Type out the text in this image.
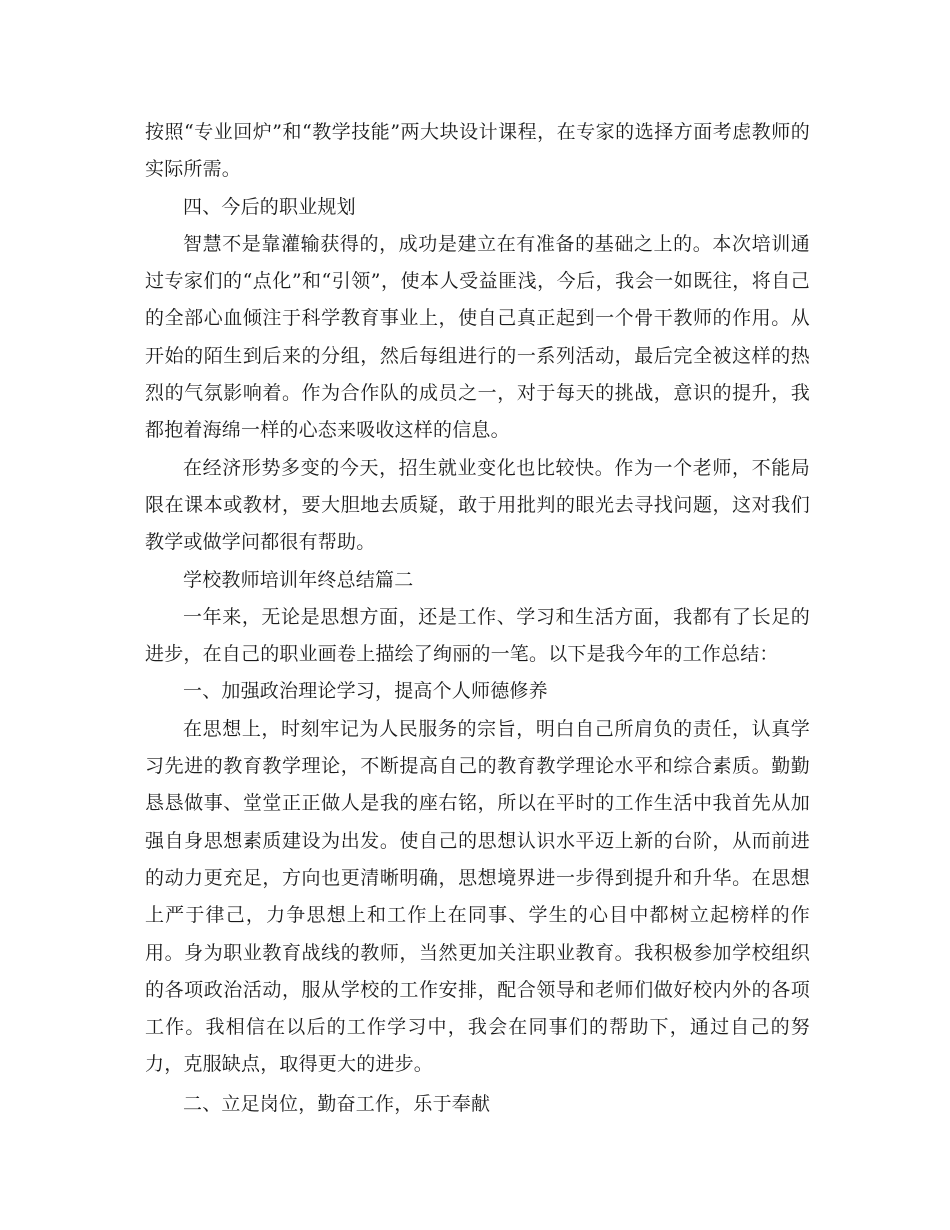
按照“专业回炉”和“教学技能”两大块设计课程，在专家的选择方面考虑教师的实际所需。

四、今后的职业规划

智慧不是靠灌输获得的，成功是建立在有准备的基础之上的。本次培训通过专家们的“点化”和“引领”，使本人受益匪浅，今后，我会一如既往，将自己的全部心血倾注于科学教育事业上，使自己真正起到一个骨干教师的作用。从开始的陌生到后来的分组，然后每组进行的一系列活动，最后完全被这样的热烈的气氛影响着。作为合作队的成员之一，对于每天的挑战，意识的提升，我都抱着海绵一样的心态来吸收这样的信息。

在经济形势多变的今天，招生就业变化也比较快。作为一个老师，不能局限在课本或教材，要大胆地去质疑，敢于用批判的眼光去寻找问题，这对我们教学或做学问都很有帮助。

学校教师培训年终总结篇二

一年来，无论是思想方面，还是工作、学习和生活方面，我都有了长足的进步，在自己的职业画卷上描绘了绚丽的一笔。以下是我今年的工作总结：

一、加强政治理论学习，提高个人师德修养

在思想上，时刻牢记为人民服务的宗旨，明白自己所肩负的责任，认真学习先进的教育教学理论，不断提高自己的教育教学理论水平和综合素质。勤勤恳恳做事、堂堂正正做人是我的座右铭，所以在平时的工作生活中我首先从加强自身思想素质建设为出发。使自己的思想认识水平迈上新的台阶，从而前进的动力更充足，方向也更清晰明确，思想境界进一步得到提升和升华。在思想上严于律己，力争思想上和工作上在同事、学生的心目中都树立起榜样的作用。身为职业教育战线的教师，当然更加关注职业教育。我积极参加学校组织的各项政治活动，服从学校的工作安排，配合领导和老师们做好校内外的各项工作。我相信在以后的工作学习中，我会在同事们的帮助下，通过自己的努力，克服缺点，取得更大的进步。

二、立足岗位，勤奋工作，乐于奉献
